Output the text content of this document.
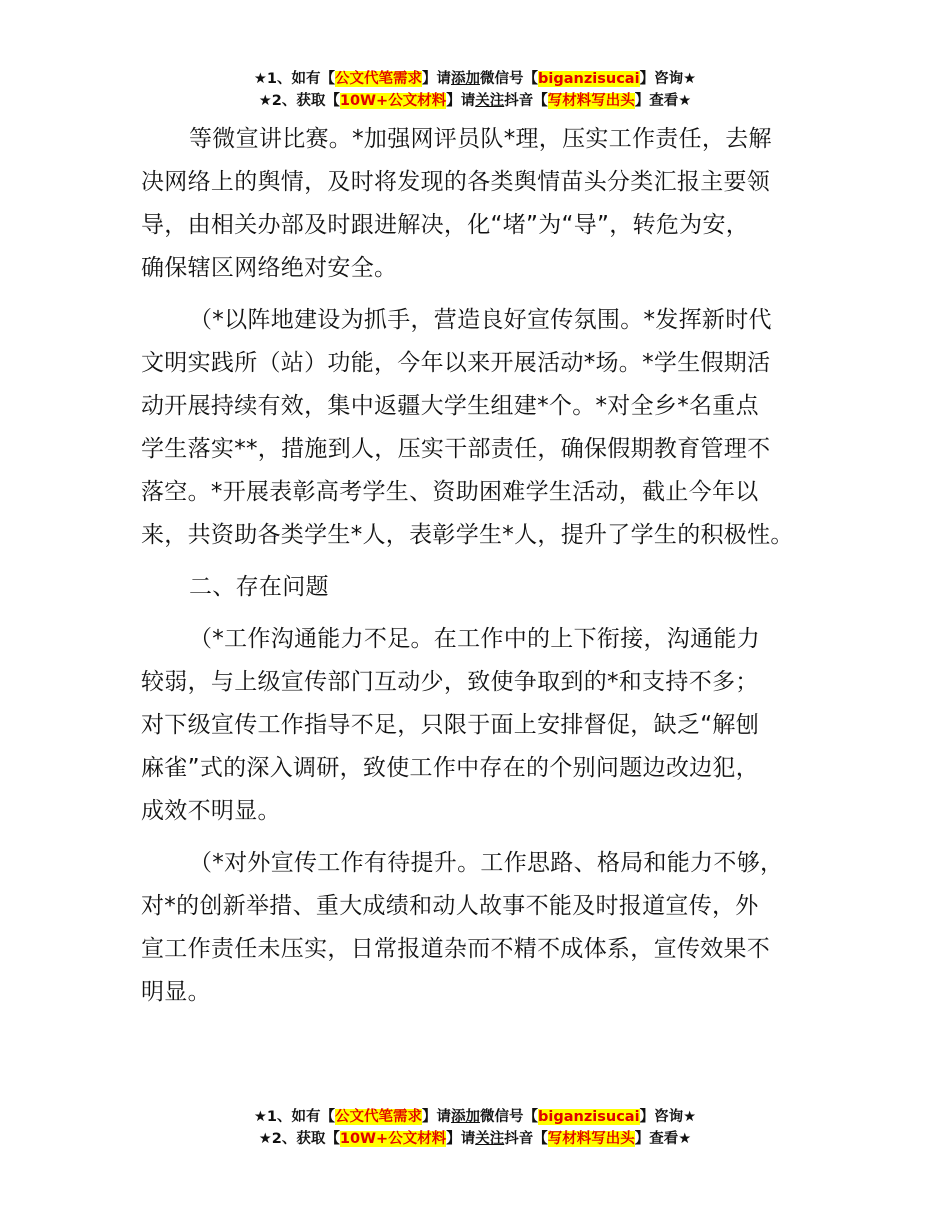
★1、如有【公文代笔需求】请添加微信号【biganzisucai】咨询★
★2、获取【10W+公文材料】请关注抖音【写材料写出头】查看★

等微宣讲比赛。*加强网评员队*理，压实工作责任，去解
决网络上的舆情，及时将发现的各类舆情苗头分类汇报主要领
导，由相关办部及时跟进解决，化“堵”为“导”，转危为安，
确保辖区网络绝对安全。

（*以阵地建设为抓手，营造良好宣传氛围。*发挥新时代
文明实践所（站）功能，今年以来开展活动*场。*学生假期活
动开展持续有效，集中返疆大学生组建*个。*对全乡*名重点
学生落实**，措施到人，压实干部责任，确保假期教育管理不
落空。*开展表彰高考学生、资助困难学生活动，截止今年以
来，共资助各类学生*人，表彰学生*人，提升了学生的积极性。

二、存在问题

（*工作沟通能力不足。在工作中的上下衔接，沟通能力
较弱，与上级宣传部门互动少，致使争取到的*和支持不多；
对下级宣传工作指导不足，只限于面上安排督促，缺乏“解刨
麻雀”式的深入调研，致使工作中存在的个别问题边改边犯，
成效不明显。

（*对外宣传工作有待提升。工作思路、格局和能力不够，
对*的创新举措、重大成绩和动人故事不能及时报道宣传，外
宣工作责任未压实，日常报道杂而不精不成体系，宣传效果不
明显。

★1、如有【公文代笔需求】请添加微信号【biganzisucai】咨询★
★2、获取【10W+公文材料】请关注抖音【写材料写出头】查看★
